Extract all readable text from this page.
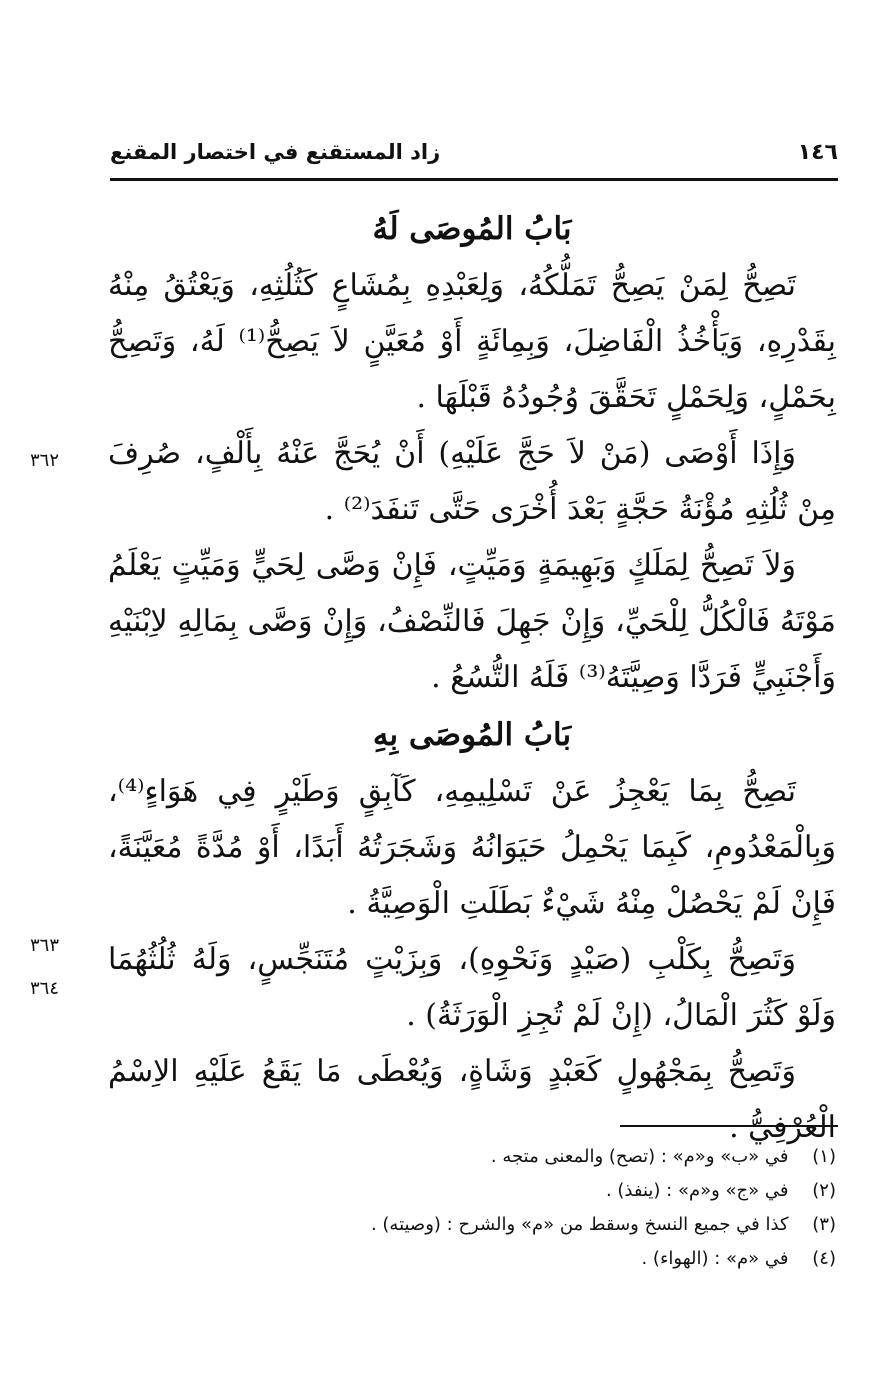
١٤٦
زاد المستقنع في اختصار المقنع
بَابُ المُوصَى لَهُ

تَصِحُّ لِمَنْ يَصِحُّ تَمَلُّكُهُ، وَلِعَبْدِهِ بِمُشَاعٍ كَثُلُثِهِ، وَيَعْتُقُ مِنْهُ بِقَدْرِهِ، وَيَأْخُذُ الْفَاضِلَ، وَبِمِائَةٍ أَوْ مُعَيَّنٍ لاَ يَصِحُّ⁽¹⁾ لَهُ، وَتَصِحُّ بِحَمْلٍ، وَلِحَمْلٍ تَحَقَّقَ وُجُودُهُ قَبْلَهَا .

وَإِذَا أَوْصَى (مَنْ لاَ حَجَّ عَلَيْهِ) أَنْ يُحَجَّ عَنْهُ بِأَلْفٍ، صُرِفَ مِنْ ثُلُثِهِ مُؤْنَةُ حَجَّةٍ بَعْدَ أُخْرَى حَتَّى تَنفَدَ⁽²⁾ .

وَلاَ تَصِحُّ لِمَلَكٍ وَبَهِيمَةٍ وَمَيِّتٍ، فَإِنْ وَصَّى لِحَيٍّ وَمَيِّتٍ يَعْلَمُ مَوْتَهُ فَالْكُلُّ لِلْحَيِّ، وَإِنْ جَهِلَ فَالنِّصْفُ، وَإِنْ وَصَّى بِمَالِهِ لاِبْنَيْهِ وَأَجْنَبِيٍّ فَرَدَّا وَصِيَّتَهُ⁽³⁾ فَلَهُ التُّسُعُ .

بَابُ المُوصَى بِهِ

تَصِحُّ بِمَا يَعْجِزُ عَنْ تَسْلِيمِهِ، كَآبِقٍ وَطَيْرٍ فِي هَوَاءٍ⁽⁴⁾، وَبِالْمَعْدُومِ، كَبِمَا يَحْمِلُ حَيَوَانُهُ وَشَجَرَتُهُ أَبَدًا، أَوْ مُدَّةً مُعَيَّنَةً، فَإِنْ لَمْ يَحْصُلْ مِنْهُ شَيْءٌ بَطَلَتِ الْوَصِيَّةُ .

وَتَصِحُّ بِكَلْبِ (صَيْدٍ وَنَحْوِهِ)، وَبِزَيْتٍ مُتَنَجِّسٍ، وَلَهُ ثُلُثُهُمَا وَلَوْ كَثُرَ الْمَالُ، (إِنْ لَمْ تُجِزِ الْوَرَثَةُ) .

وَتَصِحُّ بِمَجْهُولٍ كَعَبْدٍ وَشَاةٍ، وَيُعْطَى مَا يَقَعُ عَلَيْهِ الاِسْمُ الْعُرْفِيُّ .

٣٦٢
٣٦٣
٣٦٤
(١) في «ب» و«م» : (تصح) والمعنى متجه .
(٢) في «ج» و«م» : (ينفذ) .
(٣) كذا في جميع النسخ وسقط من «م» والشرح : (وصيته) .
(٤) في «م» : (الهواء) .
